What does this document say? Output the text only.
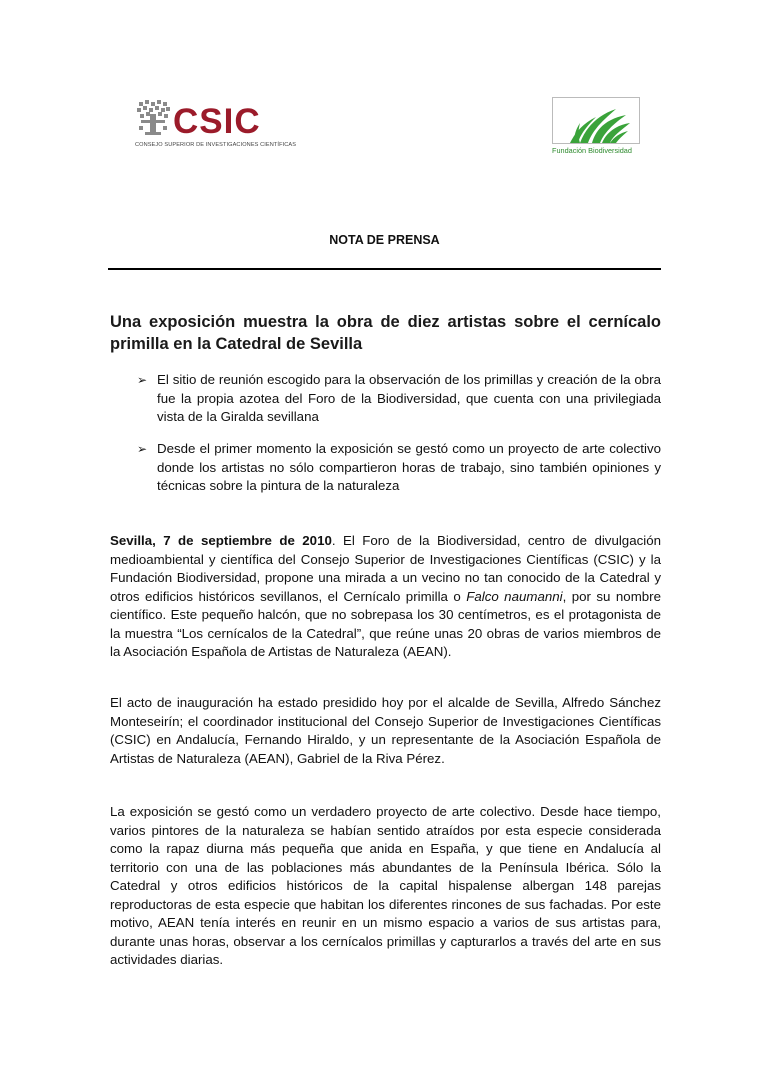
CSIC
CONSEJO SUPERIOR DE INVESTIGACIONES CIENTÍFICAS
Fundación Biodiversidad
NOTA DE PRENSA
Una exposición muestra la obra de diez artistas sobre el cernícalo primilla en la Catedral de Sevilla
➢ El sitio de reunión escogido para la observación de los primillas y creación de la obra fue la propia azotea del Foro de la Biodiversidad, que cuenta con una privilegiada vista de la Giralda sevillana
➢ Desde el primer momento la exposición se gestó como un proyecto de arte colectivo donde los artistas no sólo compartieron horas de trabajo, sino también opiniones y técnicas sobre la pintura de la naturaleza
Sevilla, 7 de septiembre de 2010. El Foro de la Biodiversidad, centro de divulgación medioambiental y científica del Consejo Superior de Investigaciones Científicas (CSIC) y la Fundación Biodiversidad, propone una mirada a un vecino no tan conocido de la Catedral y otros edificios históricos sevillanos, el Cernícalo primilla o Falco naumanni, por su nombre científico. Este pequeño halcón, que no sobrepasa los 30 centímetros, es el protagonista de la muestra “Los cernícalos de la Catedral”, que reúne unas 20 obras de varios miembros de la Asociación Española de Artistas de Naturaleza (AEAN).
El acto de inauguración ha estado presidido hoy por el alcalde de Sevilla, Alfredo Sánchez Monteseirín; el coordinador institucional del Consejo Superior de Investigaciones Científicas (CSIC) en Andalucía, Fernando Hiraldo, y un representante de la Asociación Española de Artistas de Naturaleza (AEAN), Gabriel de la Riva Pérez.
La exposición se gestó como un verdadero proyecto de arte colectivo. Desde hace tiempo, varios pintores de la naturaleza se habían sentido atraídos por esta especie considerada como la rapaz diurna más pequeña que anida en España, y que tiene en Andalucía al territorio con una de las poblaciones más abundantes de la Península Ibérica. Sólo la Catedral y otros edificios históricos de la capital hispalense albergan 148 parejas reproductoras de esta especie que habitan los diferentes rincones de sus fachadas. Por este motivo, AEAN tenía interés en reunir en un mismo espacio a varios de sus artistas para, durante unas horas, observar a los cernícalos primillas y capturarlos a través del arte en sus actividades diarias.
